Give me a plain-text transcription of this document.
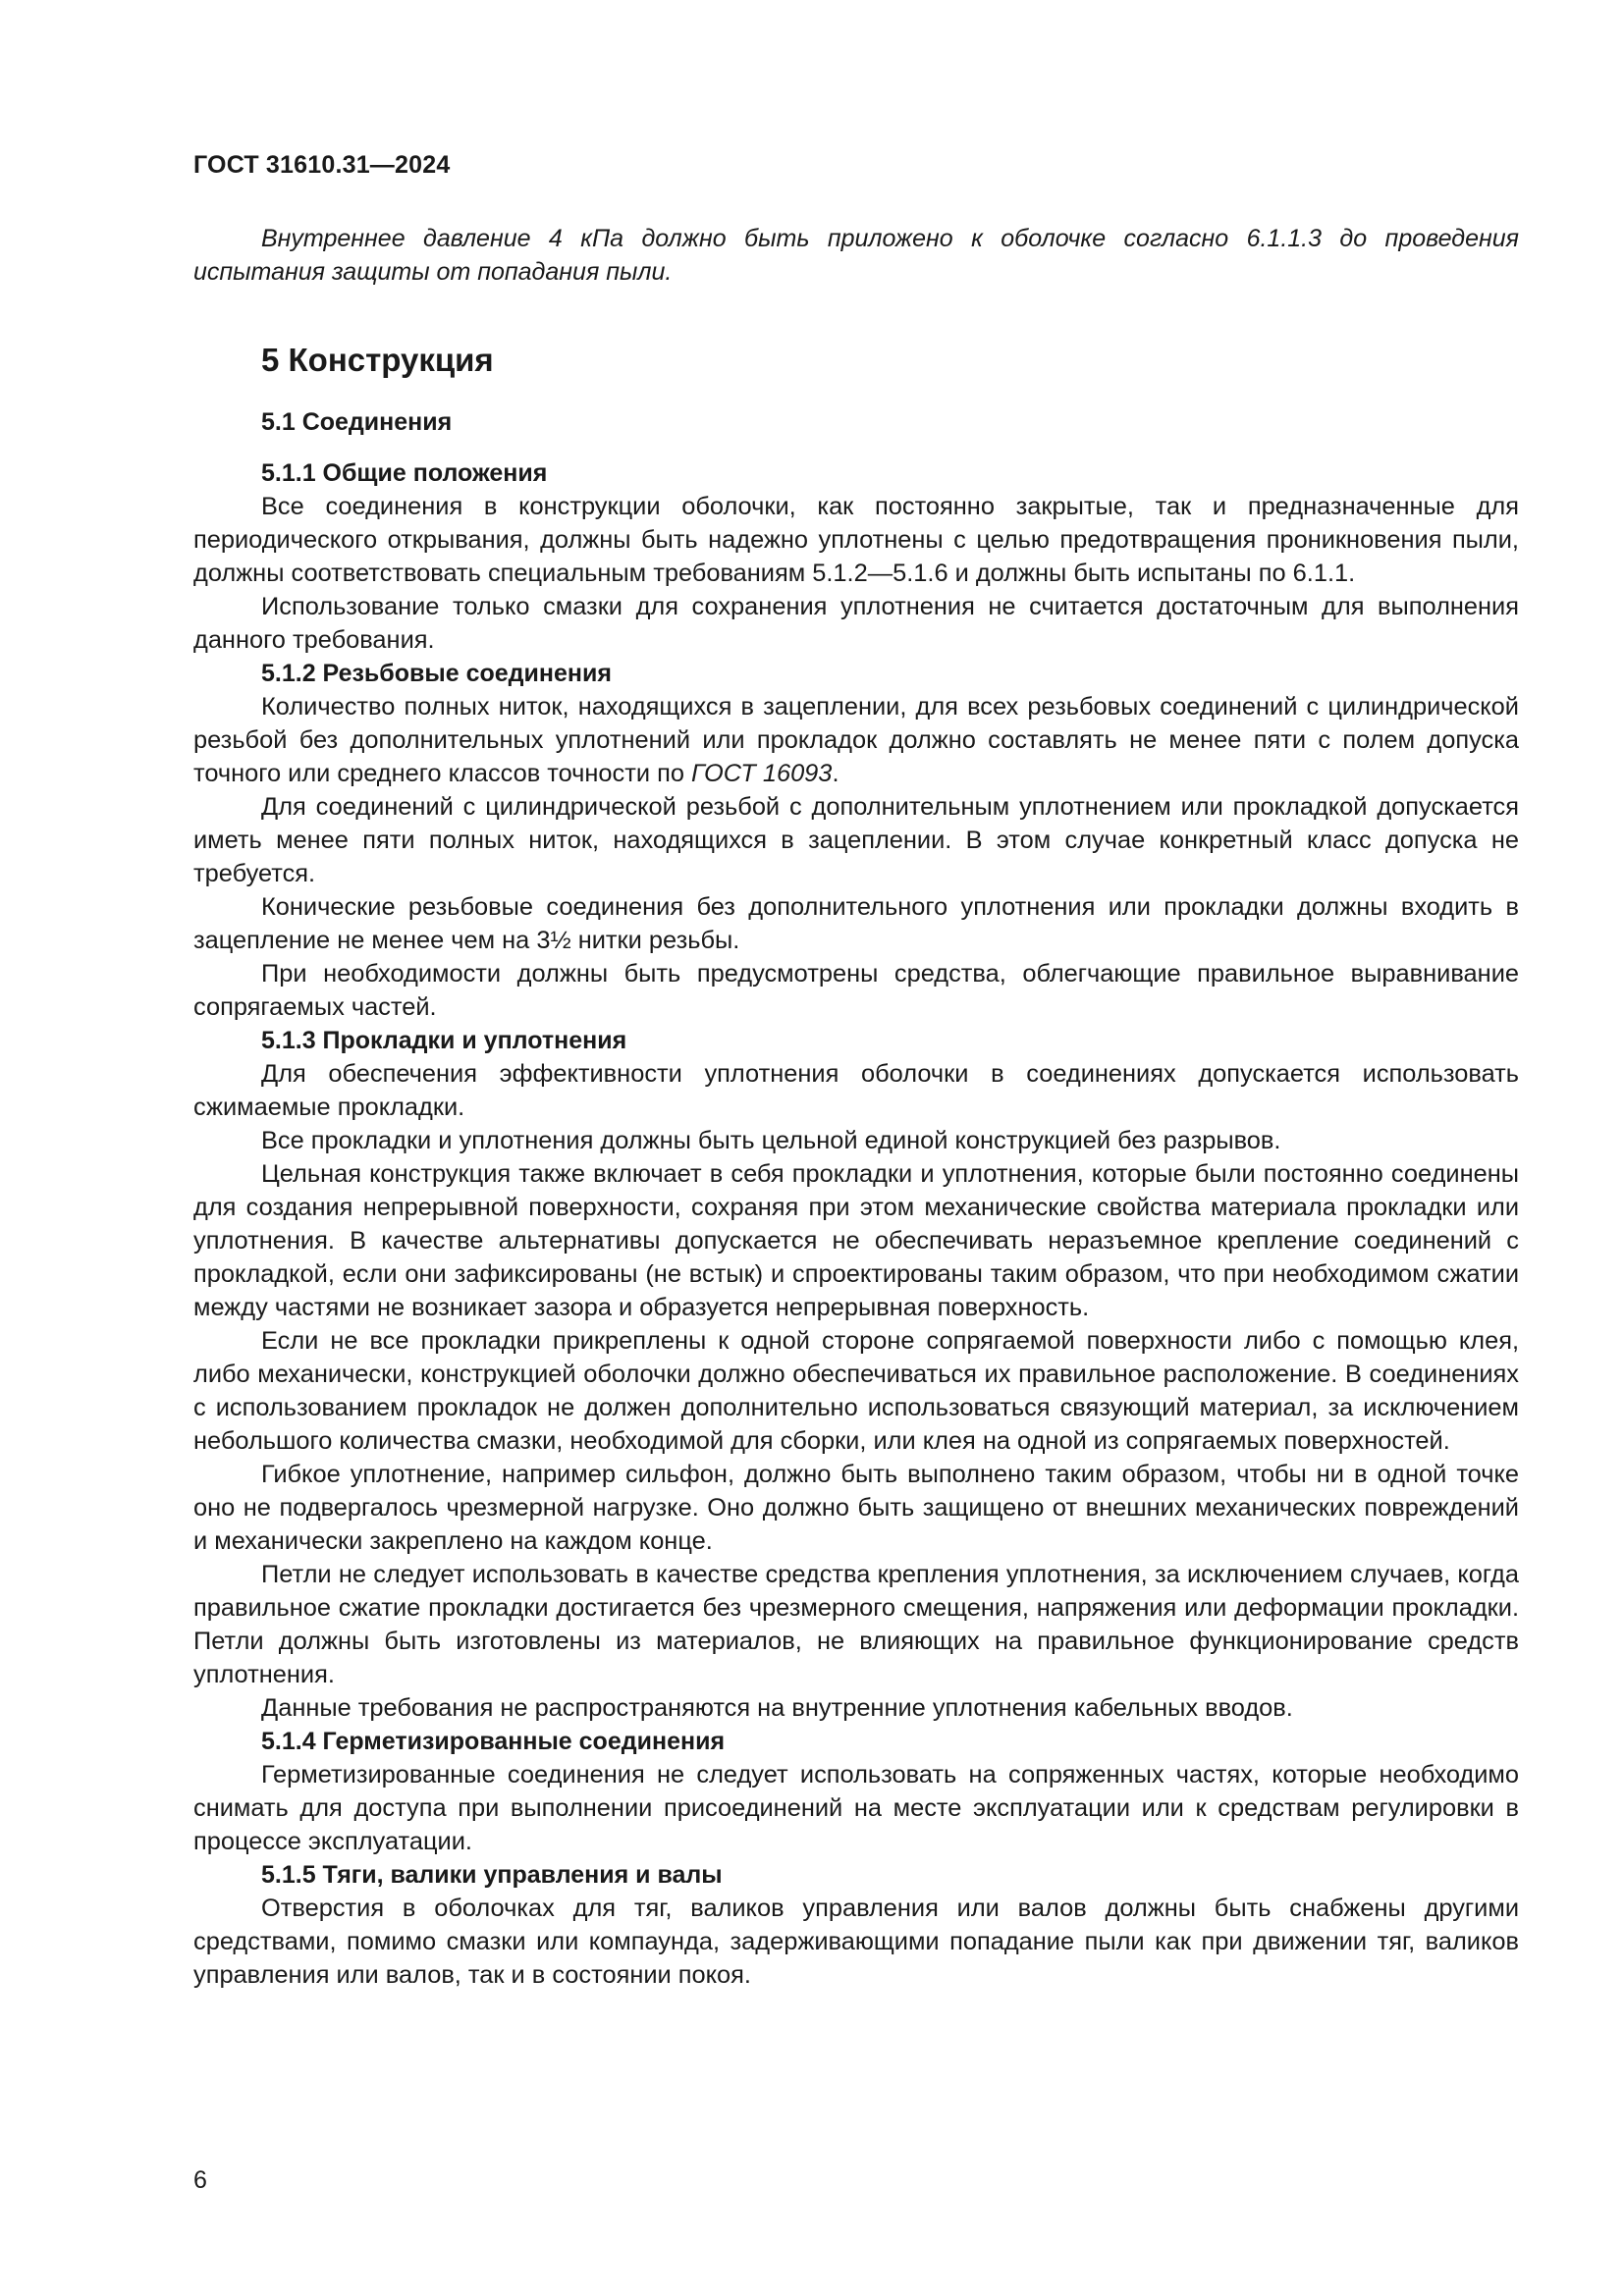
ГОСТ 31610.31—2024

Внутреннее давление 4 кПа должно быть приложено к оболочке согласно 6.1.1.3 до проведения испытания защиты от попадания пыли.

5 Конструкция
5.1 Соединения
5.1.1 Общие положения

Все соединения в конструкции оболочки, как постоянно закрытые, так и предназначенные для периодического открывания, должны быть надежно уплотнены с целью предотвращения проникновения пыли, должны соответствовать специальным требованиям 5.1.2—5.1.6 и должны быть испытаны по 6.1.1.

Использование только смазки для сохранения уплотнения не считается достаточным для выполнения данного требования.

5.1.2 Резьбовые соединения

Количество полных ниток, находящихся в зацеплении, для всех резьбовых соединений с цилиндрической резьбой без дополнительных уплотнений или прокладок должно составлять не менее пяти с полем допуска точного или среднего классов точности по ГОСТ 16093.

Для соединений с цилиндрической резьбой с дополнительным уплотнением или прокладкой допускается иметь менее пяти полных ниток, находящихся в зацеплении. В этом случае конкретный класс допуска не требуется.

Конические резьбовые соединения без дополнительного уплотнения или прокладки должны входить в зацепление не менее чем на 3½ нитки резьбы.

При необходимости должны быть предусмотрены средства, облегчающие правильное выравнивание сопрягаемых частей.

5.1.3 Прокладки и уплотнения

Для обеспечения эффективности уплотнения оболочки в соединениях допускается использовать сжимаемые прокладки.

Все прокладки и уплотнения должны быть цельной единой конструкцией без разрывов.

Цельная конструкция также включает в себя прокладки и уплотнения, которые были постоянно соединены для создания непрерывной поверхности, сохраняя при этом механические свойства материала прокладки или уплотнения. В качестве альтернативы допускается не обеспечивать неразъемное крепление соединений с прокладкой, если они зафиксированы (не встык) и спроектированы таким образом, что при необходимом сжатии между частями не возникает зазора и образуется непрерывная поверхность.

Если не все прокладки прикреплены к одной стороне сопрягаемой поверхности либо с помощью клея, либо механически, конструкцией оболочки должно обеспечиваться их правильное расположение. В соединениях с использованием прокладок не должен дополнительно использоваться связующий материал, за исключением небольшого количества смазки, необходимой для сборки, или клея на одной из сопрягаемых поверхностей.

Гибкое уплотнение, например сильфон, должно быть выполнено таким образом, чтобы ни в одной точке оно не подвергалось чрезмерной нагрузке. Оно должно быть защищено от внешних механических повреждений и механически закреплено на каждом конце.

Петли не следует использовать в качестве средства крепления уплотнения, за исключением случаев, когда правильное сжатие прокладки достигается без чрезмерного смещения, напряжения или деформации прокладки. Петли должны быть изготовлены из материалов, не влияющих на правильное функционирование средств уплотнения.

Данные требования не распространяются на внутренние уплотнения кабельных вводов.

5.1.4 Герметизированные соединения

Герметизированные соединения не следует использовать на сопряженных частях, которые необходимо снимать для доступа при выполнении присоединений на месте эксплуатации или к средствам регулировки в процессе эксплуатации.

5.1.5 Тяги, валики управления и валы

Отверстия в оболочках для тяг, валиков управления или валов должны быть снабжены другими средствами, помимо смазки или компаунда, задерживающими попадание пыли как при движении тяг, валиков управления или валов, так и в состоянии покоя.

6
